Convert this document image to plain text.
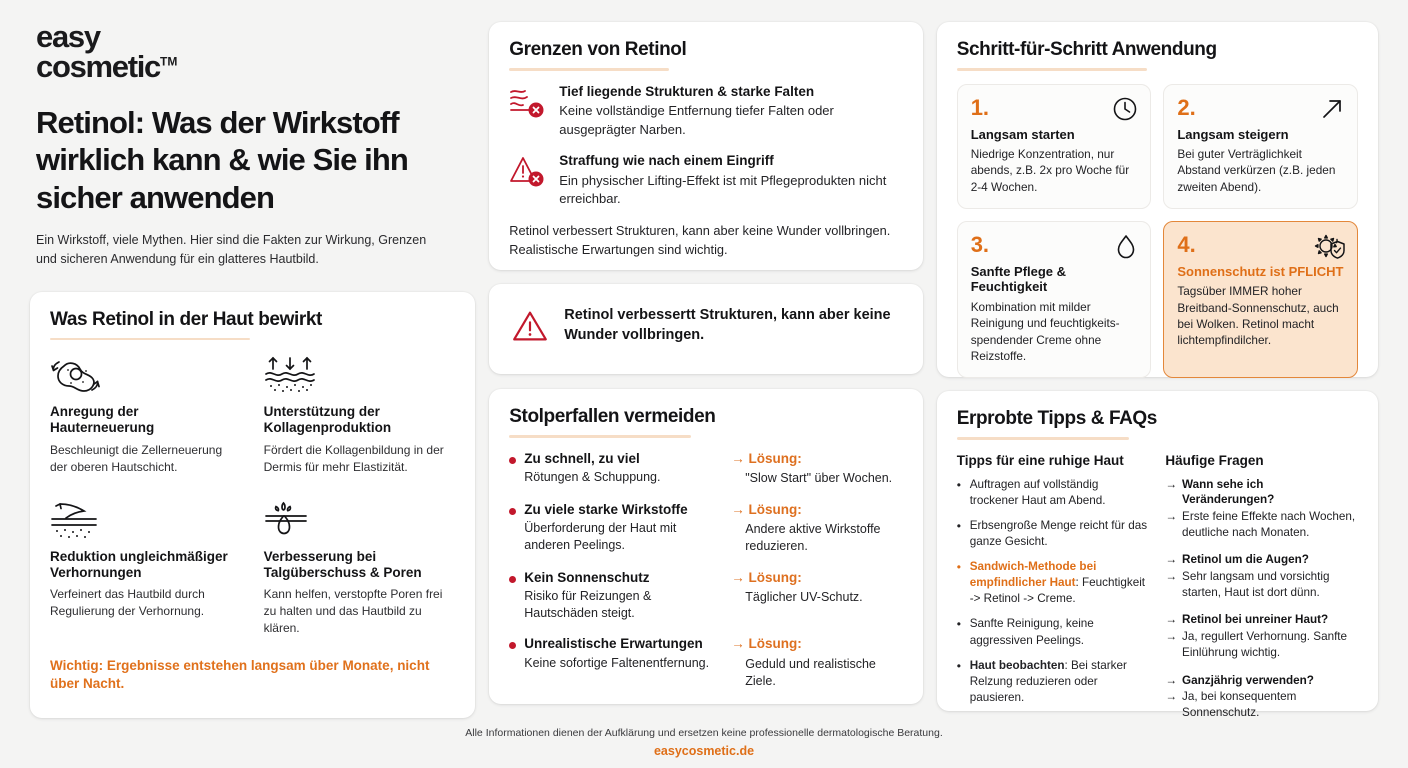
easy
cosmetic™
Retinol: Was der Wirkstoff wirklich kann & wie Sie ihn sicher anwenden
Ein Wirkstoff, viele Mythen. Hier sind die Fakten zur Wirkung, Grenzen und sicheren Anwendung für ein glatteres Hautbild.
Was Retinol in der Haut bewirkt
Anregung der Hauterneuerung
Beschleunigt die Zellerneuerung der oberen Hautschicht.
Unterstützung der Kollagenproduktion
Fördert die Kollagenbildung in der Dermis für mehr Elastizität.
Reduktion ungleichmäßiger Verhornungen
Verfeinert das Hautbild durch Regulierung der Verhornung.
Verbesserung bei Talgüberschuss & Poren
Kann helfen, verstopfte Poren frei zu halten und das Hautbild zu klären.
Wichtig: Ergebnisse entstehen langsam über Monate, nicht über Nacht.
Grenzen von Retinol
Tief liegende Strukturen & starke Falten
Keine vollständige Entfernung tiefer Falten oder ausgeprägter Narben.
Straffung wie nach einem Eingriff
Ein physischer Lifting-Effekt ist mit Pflegeprodukten nicht erreichbar.
Retinol verbessert Strukturen, kann aber keine Wunder vollbringen. Realistische Erwartungen sind wichtig.
Retinol verbessertt Strukturen, kann aber keine Wunder vollbringen.
Stolperfallen vermeiden
Zu schnell, zu viel
Rötungen & Schuppung.
→ Lösung:
"Slow Start" über Wochen.
Zu viele starke Wirkstoffe
Überforderung der Haut mit anderen Peelings.
→ Lösung:
Andere aktive Wirkstoffe reduzieren.
Kein Sonnenschutz
Risiko für Reizungen & Hautschäden steigt.
→ Lösung:
Täglicher UV-Schutz.
Unrealistische Erwartungen
Keine sofortige Faltenentfernung.
→ Lösung:
Geduld und realistische Ziele.
Schritt-für-Schritt Anwendung
1.
Langsam starten
Niedrige Konzentration, nur abends, z.B. 2x pro Woche für 2-4 Wochen.
2.
Langsam steigern
Bei guter Verträglichkeit Abstand verkürzen (z.B. jeden zweiten Abend).
3.
Sanfte Pflege & Feuchtigkeit
Kombination mit milder Reinigung und feuchtigkeits-spendender Creme ohne Reizstoffe.
4.
Sonnenschutz ist PFLICHT
Tagsüber IMMER hoher Breitband-Sonnenschutz, auch bei Wolken. Retinol macht lichtempfindilcher.
Erprobte Tipps & FAQs
Tipps für eine ruhige Haut
• Auftragen auf vollständig trockener Haut am Abend.
• Erbsengroße Menge reicht für das ganze Gesicht.
• Sandwich-Methode bei empfindlicher Haut: Feuchtigkeit -> Retinol -> Creme.
• Sanfte Reinigung, keine aggressiven Peelings.
• Haut beobachten: Bei starker Relzung reduzieren oder pausieren.
Häufige Fragen
→ Wann sehe ich Veränderungen?
→ Erste feine Effekte nach Wochen, deutliche nach Monaten.
→ Retinol um die Augen?
→ Sehr langsam und vorsichtig starten, Haut ist dort dünn.
→ Retinol bei unreiner Haut?
→ Ja, regullert Verhornung. Sanfte Einlührung wichtig.
→ Ganzjährig verwenden?
→ Ja, bei konsequentem Sonnenschutz.
Alle Informationen dienen der Aufklärung und ersetzen keine professionelle dermatologische Beratung.
easycosmetic.de
